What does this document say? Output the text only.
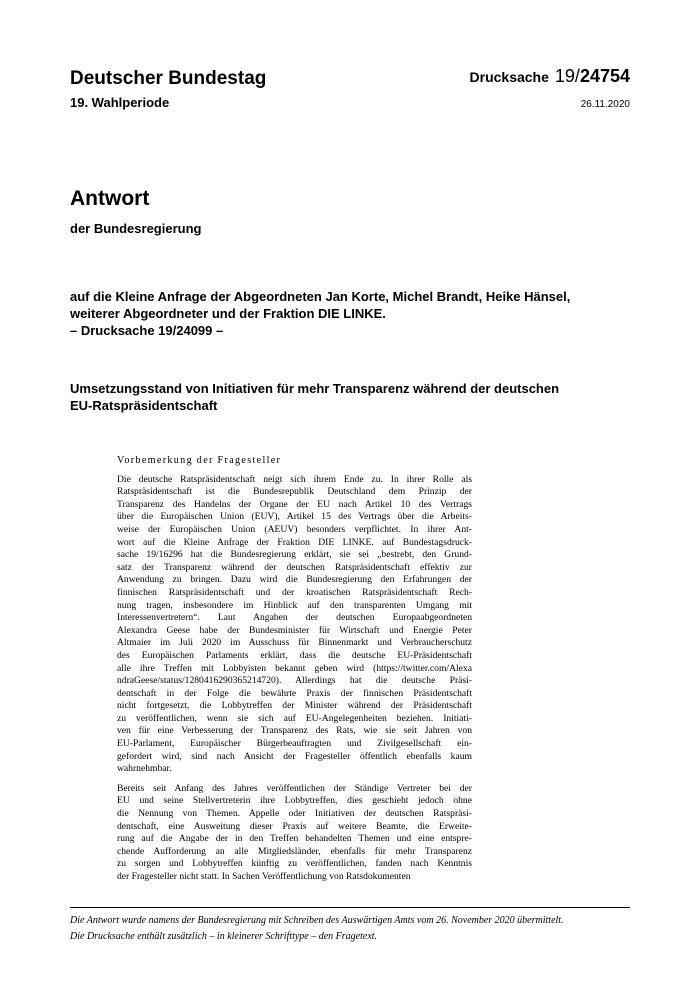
Deutscher Bundestag
19. Wahlperiode
Drucksache 19/24754
26.11.2020
Antwort
der Bundesregierung
auf die Kleine Anfrage der Abgeordneten Jan Korte, Michel Brandt, Heike Hänsel,
weiterer Abgeordneter und der Fraktion DIE LINKE.
– Drucksache 19/24099 –
Umsetzungsstand von Initiativen für mehr Transparenz während der deutschen
EU-Ratspräsidentschaft
Vorbemerkung der Fragesteller

Die deutsche Ratspräsidentschaft neigt sich ihrem Ende zu. In ihrer Rolle als
Ratspräsidentschaft ist die Bundesrepublik Deutschland dem Prinzip der
Transparenz des Handelns der Organe der EU nach Artikel 10 des Vertrags
über die Europäischen Union (EUV), Artikel 15 des Vertrags über die Arbeits-
weise der Europäischen Union (AEUV) besonders verpflichtet. In ihrer Ant-
wort auf die Kleine Anfrage der Fraktion DIE LINKE. auf Bundestagsdruck-
sache 19/16296 hat die Bundesregierung erklärt, sie sei „bestrebt, den Grund-
satz der Transparenz während der deutschen Ratspräsidentschaft effektiv zur
Anwendung zu bringen. Dazu wird die Bundesregierung den Erfahrungen der
finnischen Ratspräsidentschaft und der kroatischen Ratspräsidentschaft Rech-
nung tragen, insbesondere im Hinblick auf den transparenten Umgang mit
Interessenvertretern“. Laut Angaben der deutschen Europaabgeordneten
Alexandra Geese habe der Bundesminister für Wirtschaft und Energie Peter
Altmaier im Juli 2020 im Ausschuss für Binnenmarkt und Verbraucherschutz
des Europäischen Parlaments erklärt, dass die deutsche EU-Präsidentschaft
alle ihre Treffen mit Lobbyisten bekannt geben wird (https://twitter.com/Alexa
ndraGeese/status/1280416290365214720). Allerdings hat die deutsche Präsi-
dentschaft in der Folge die bewährte Praxis der finnischen Präsidentschaft
nicht fortgesetzt, die Lobbytreffen der Minister während der Präsidentschaft
zu veröffentlichen, wenn sie sich auf EU-Angelegenheiten beziehen. Initiati-
ven für eine Verbesserung der Transparenz des Rats, wie sie seit Jahren von
EU-Parlament, Europäischer Bürgerbeauftragten und Zivilgesellschaft ein-
gefordert wird, sind nach Ansicht der Fragesteller öffentlich ebenfalls kaum
wahrnehmbar.

Bereits seit Anfang des Jahres veröffentlichen der Ständige Vertreter bei der
EU und seine Stellvertreterin ihre Lobbytreffen, dies geschieht jedoch ohne
die Nennung von Themen. Appelle oder Initiativen der deutschen Ratspräsi-
dentschaft, eine Ausweitung dieser Praxis auf weitere Beamte, die Erweite-
rung auf die Angabe der in den Treffen behandelten Themen und eine entspre-
chende Aufforderung an alle Mitgliedsländer, ebenfalls für mehr Transparenz
zu sorgen und Lobbytreffen künftig zu veröffentlichen, fanden nach Kenntnis
der Fragesteller nicht statt. In Sachen Veröffentlichung von Ratsdokumenten

Die Antwort wurde namens der Bundesregierung mit Schreiben des Auswärtigen Amts vom 26. November 2020 übermittelt.
Die Drucksache enthält zusätzlich – in kleinerer Schrifttype – den Fragetext.
